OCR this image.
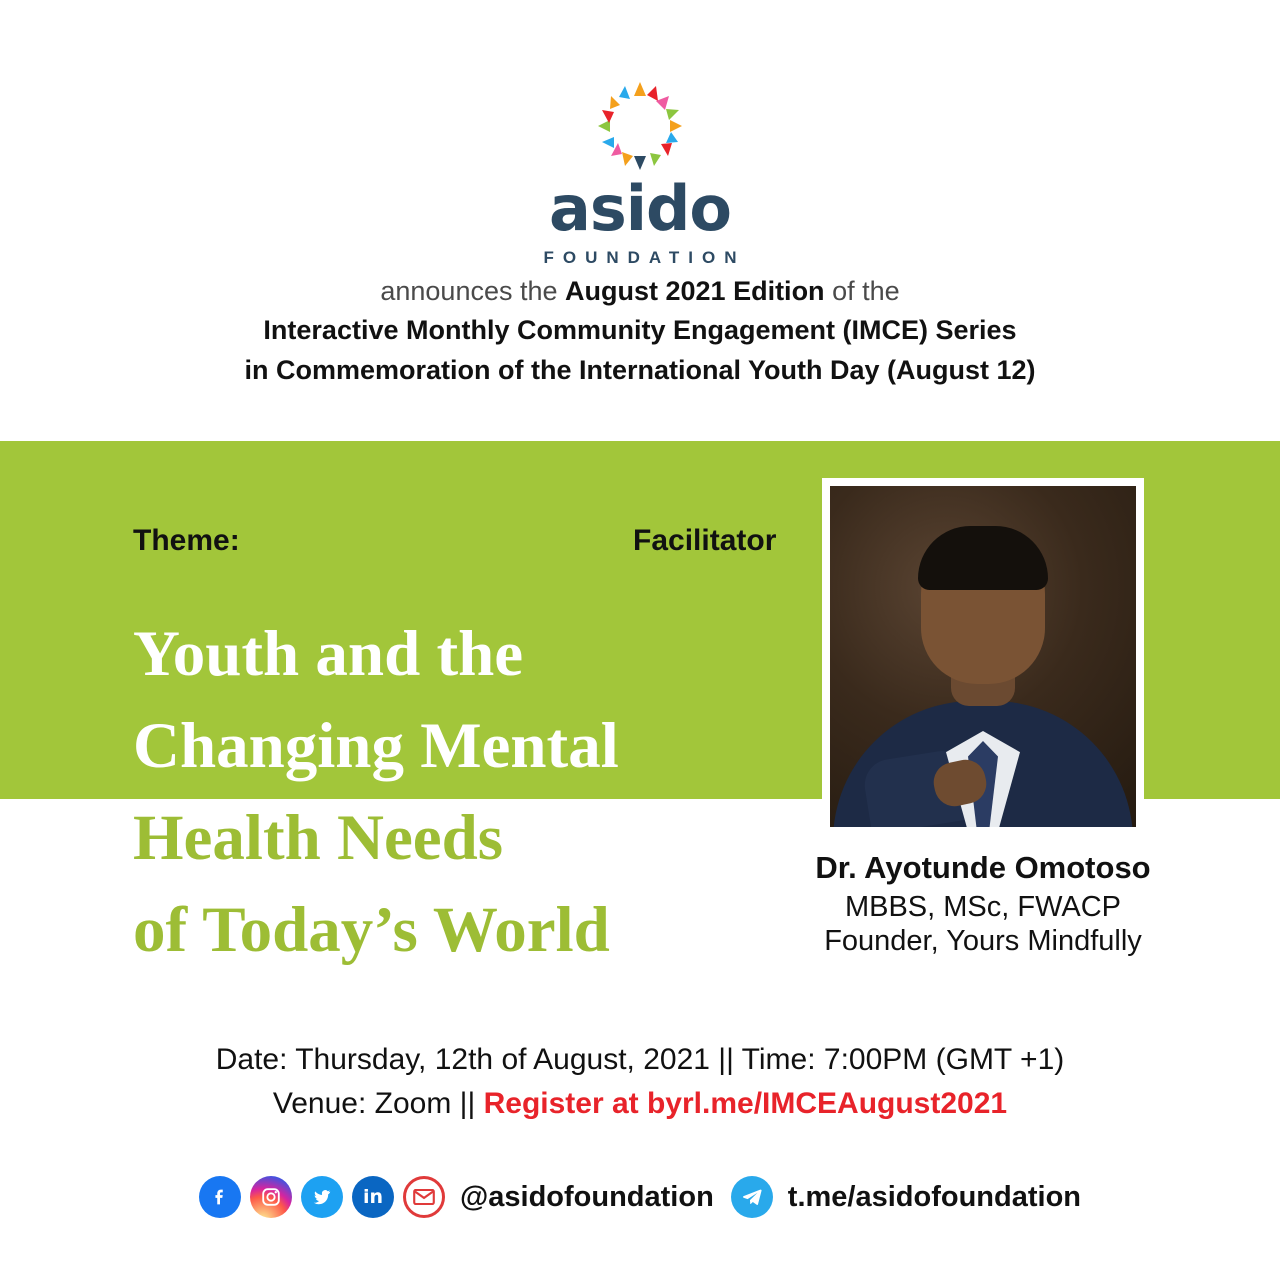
asido
FOUNDATION
announces the August 2021 Edition of the
Interactive Monthly Community Engagement (IMCE) Series
in Commemoration of the International Youth Day (August 12)
Theme:	Facilitator
Youth and the
Changing Mental
Health Needs
of Today’s World
Dr. Ayotunde Omotoso
MBBS, MSc, FWACP
Founder, Yours Mindfully
Date: Thursday, 12th of August, 2021 || Time: 7:00PM (GMT +1)
Venue: Zoom || Register at byrl.me/IMCEAugust2021
in	@asidofoundation	t.me/asidofoundation
